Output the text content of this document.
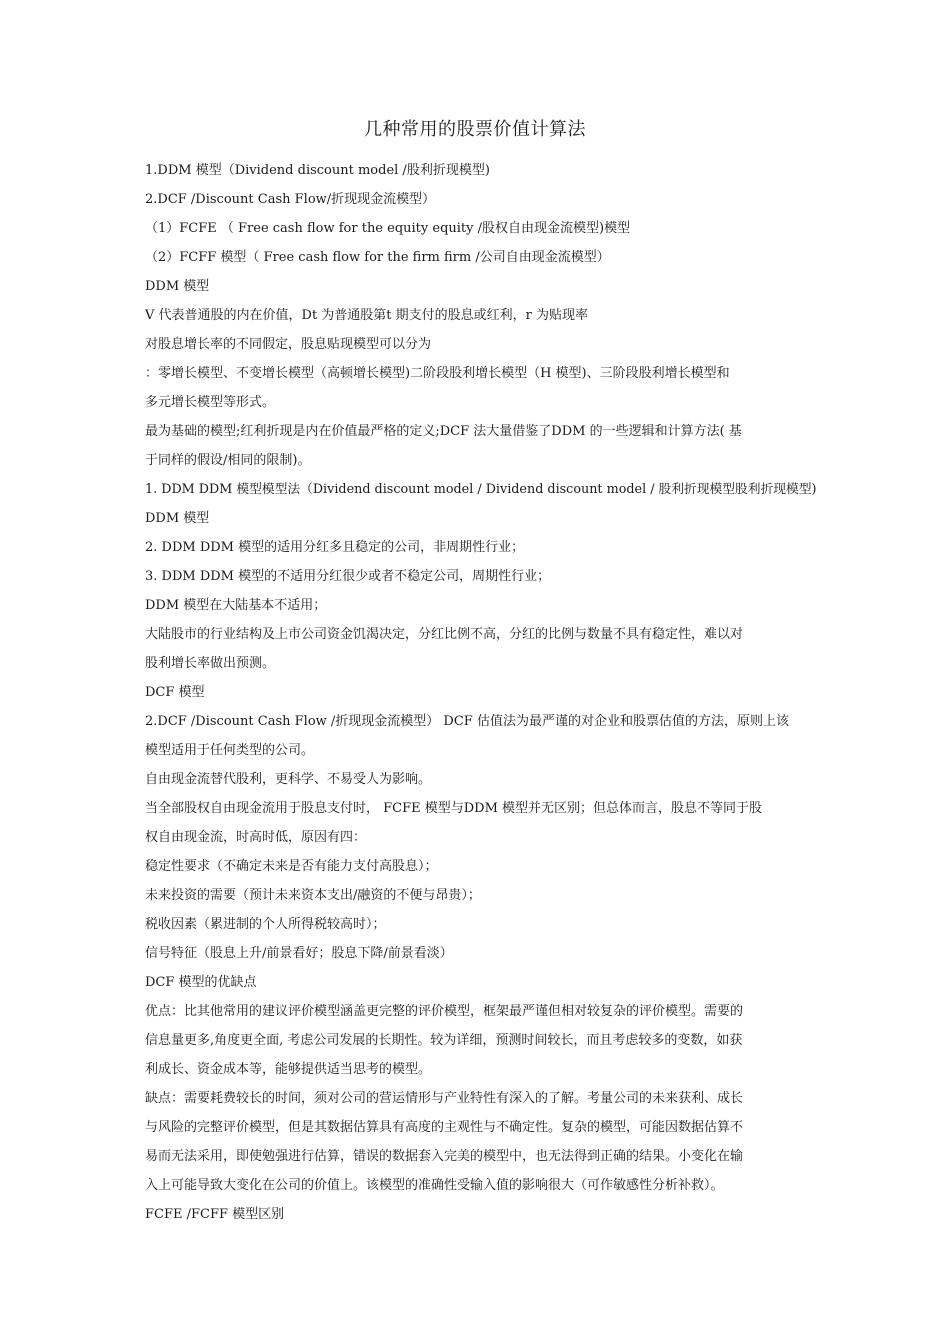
几种常用的股票价值计算法
1.DDM 模型（Dividend discount model /股利折现模型)
2.DCF /Discount Cash Flow/折现现金流模型）
（1）FCFE （ Free cash flow for the equity equity /股权自由现金流模型)模型
（2）FCFF 模型（ Free cash flow for the firm firm /公司自由现金流模型）
DDM 模型
V 代表普通股的内在价值，Dt 为普通股第t 期支付的股息或红利，r 为贴现率
对股息增长率的不同假定，股息贴现模型可以分为
：零增长模型、不变增长模型（高顿增长模型)二阶段股利增长模型（H 模型)、三阶段股利增长模型和
多元增长模型等形式。
最为基础的模型;红利折现是内在价值最严格的定义;DCF 法大量借鉴了DDM 的一些逻辑和计算方法( 基
于同样的假设/相同的限制)。
1. DDM DDM 模型模型法（Dividend discount model / Dividend discount model / 股利折现模型股利折现模型)
DDM 模型
2. DDM DDM 模型的适用分红多且稳定的公司，非周期性行业；
3. DDM DDM 模型的不适用分红很少或者不稳定公司，周期性行业；
DDM 模型在大陆基本不适用；
大陆股市的行业结构及上市公司资金饥渴决定，分红比例不高，分红的比例与数量不具有稳定性，难以对
股利增长率做出预测。
DCF 模型
2.DCF /Discount Cash Flow /折现现金流模型） DCF 估值法为最严谨的对企业和股票估值的方法，原则上该
模型适用于任何类型的公司。
自由现金流替代股利，更科学、不易受人为影响。
当全部股权自由现金流用于股息支付时， FCFE 模型与DDM 模型并无区别；但总体而言，股息不等同于股
权自由现金流，时高时低，原因有四：
稳定性要求（不确定未来是否有能力支付高股息）；
未来投资的需要（预计未来资本支出/融资的不便与昂贵）；
税收因素（累进制的个人所得税较高时）；
信号特征（股息上升/前景看好；股息下降/前景看淡）
DCF 模型的优缺点
优点：比其他常用的建议评价模型涵盖更完整的评价模型，框架最严谨但相对较复杂的评价模型。需要的
信息量更多,角度更全面, 考虑公司发展的长期性。较为详细，预测时间较长，而且考虑较多的变数，如获
利成长、资金成本等，能够提供适当思考的模型。
缺点：需要耗费较长的时间，须对公司的营运情形与产业特性有深入的了解。考量公司的未来获利、成长
与风险的完整评价模型，但是其数据估算具有高度的主观性与不确定性。复杂的模型，可能因数据估算不
易而无法采用，即使勉强进行估算，错误的数据套入完美的模型中，也无法得到正确的结果。小变化在输
入上可能导致大变化在公司的价值上。该模型的准确性受输入值的影响很大（可作敏感性分析补救）。
FCFE /FCFF 模型区别
